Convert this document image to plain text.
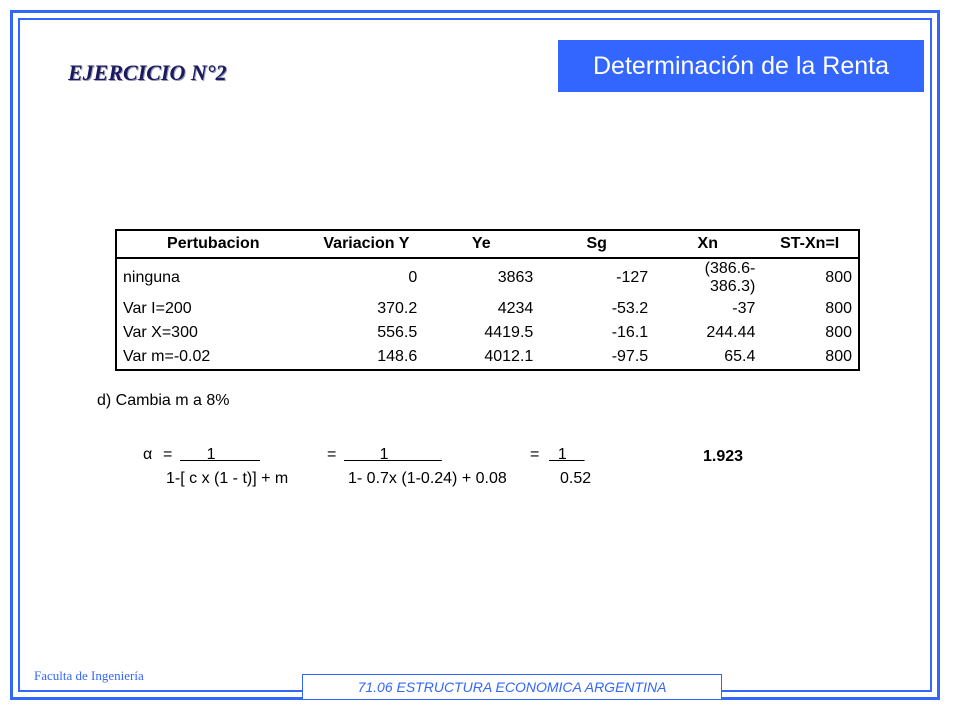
EJERCICIO N°2	Determinación de la Renta
Pertubacion	Variacion Y	Ye	Sg	Xn	ST-Xn=I
ninguna	0	3863	-127	(386.6-386.3)	800
Var I=200	370.2	4234	-53.2	-37	800
Var X=300	556.5	4419.5	-16.1	244.44	800
Var m=-0.02	148.6	4012.1	-97.5	65.4	800
d) Cambia m a 8%
α = 1	= 1	= 1	1.923
1-[ c x (1 - t)] + m	1- 0.7x (1-0.24) + 0.08	0.52
Faculta de Ingeniería
71.06 ESTRUCTURA ECONOMICA ARGENTINA
